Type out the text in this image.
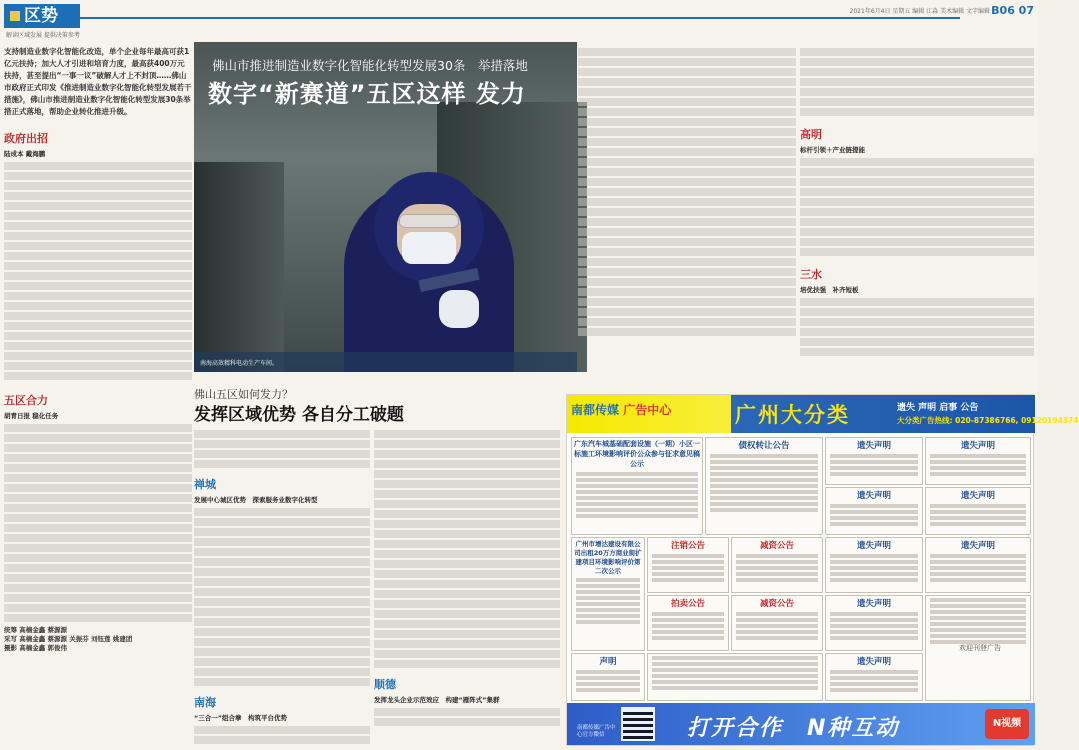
区势	2021年6月4日 星期五 编辑 江淼 美术编辑 文字编辑 B06 07
解读区域发展 提供决策参考
支持制造业数字化智能化改造，单个企业每年最高可获1亿元扶持；加大人才引进和培育力度，最高获400万元扶持，甚至提出“一事一议”破解人才上不封顶……佛山市政府正式印发《推进制造业数字化智能化转型发展若干措施》，佛山市推进制造业数字化智能化转型发展30条举措正式落地，帮助企业转化推进升级。
政府出招
陆成本 戴海鹏
五区合力
胡青日报 稳化任务
统筹 高楠金鑫 蔡源源
采写 高楠金鑫 蔡源源 关振芬 刘钰莲 姚建团
摄影 高楠金鑫 郭俊伟
佛山市推进制造业数字化智能化转型发展30条　举措落地
数字“新赛道”五区这样 发力
南海高效精科电动生产车间。
高明
标杆引领＋产业链提能
三水
培优扶强　补齐短板
佛山五区如何发力？
发挥区域优势 各自分工破题
禅城
发展中心城区优势　探索服务业数字化转型
南海
“三合一”组合拳　构筑平台优势
顺德
发挥龙头企业示范效应　构建“雁阵式”集群
南都传媒 广告中心	广州大分类	遗失 声明 启事 公告
大分类广告热线: 020-87386766, 09120194374
广东汽车城基础配套设施（一期）小区一标施工环境影响评价公众参与征求意见稿公示
债权转让公告	遗失声明	遗失声明
遗失声明	遗失声明
广州市增达建设有限公司出租20万方商业街扩建项目环境影响评价第二次公示
注销公告	减资公告	遗失声明	遗失声明
拍卖公告	减资公告	遗失声明
声明	遗失声明
欢迎刊登广告
南都传媒广告中心官方微信	打开合作　N种互动	N视频
